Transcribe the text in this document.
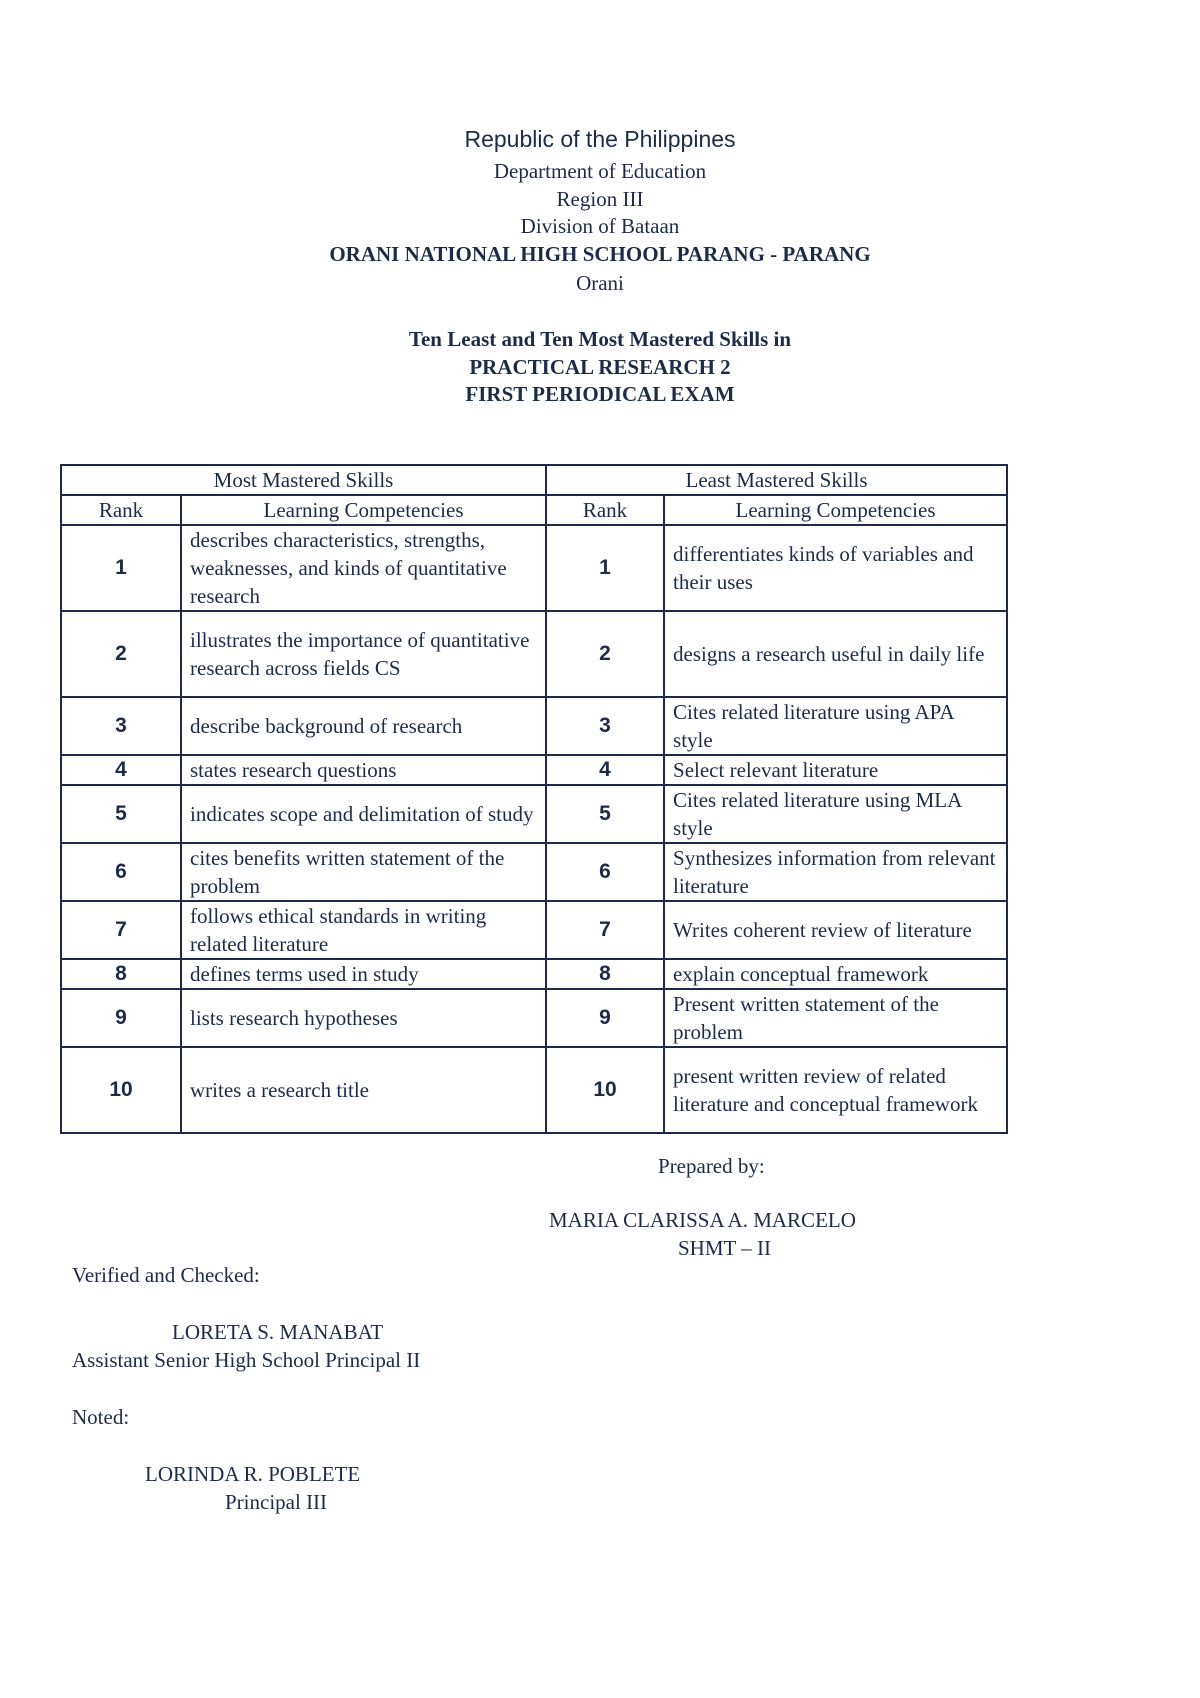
Republic of the Philippines
Department of Education
Region III
Division of Bataan
ORANI NATIONAL HIGH SCHOOL PARANG - PARANG
Orani
Ten Least and Ten Most Mastered Skills in
PRACTICAL RESEARCH 2
FIRST PERIODICAL EXAM
Most Mastered Skills		Least Mastered Skills	
Rank	Learning Competencies	Rank	Learning Competencies
1	describes characteristics, strengths, weaknesses, and kinds of quantitative research	1	differentiates kinds of variables and their uses
2	illustrates the importance of quantitative research across fields CS	2	designs a research useful in daily life
3	describe background of research	3	Cites related literature using APA style
4	states research questions	4	Select relevant literature
5	indicates scope and delimitation of study	5	Cites related literature using MLA style
6	cites benefits written statement of the problem	6	Synthesizes information from relevant literature
7	follows ethical standards in writing related literature	7	Writes coherent review of literature
8	defines terms used in study	8	explain conceptual framework
9	lists research hypotheses	9	Present written statement of the problem
10	writes a research title	10	present written review of related literature and conceptual framework
Prepared by:
MARIA CLARISSA A. MARCELO
SHMT – II
Verified and Checked:
LORETA S. MANABAT
Assistant Senior High School Principal II
Noted:
LORINDA R. POBLETE
Principal III
